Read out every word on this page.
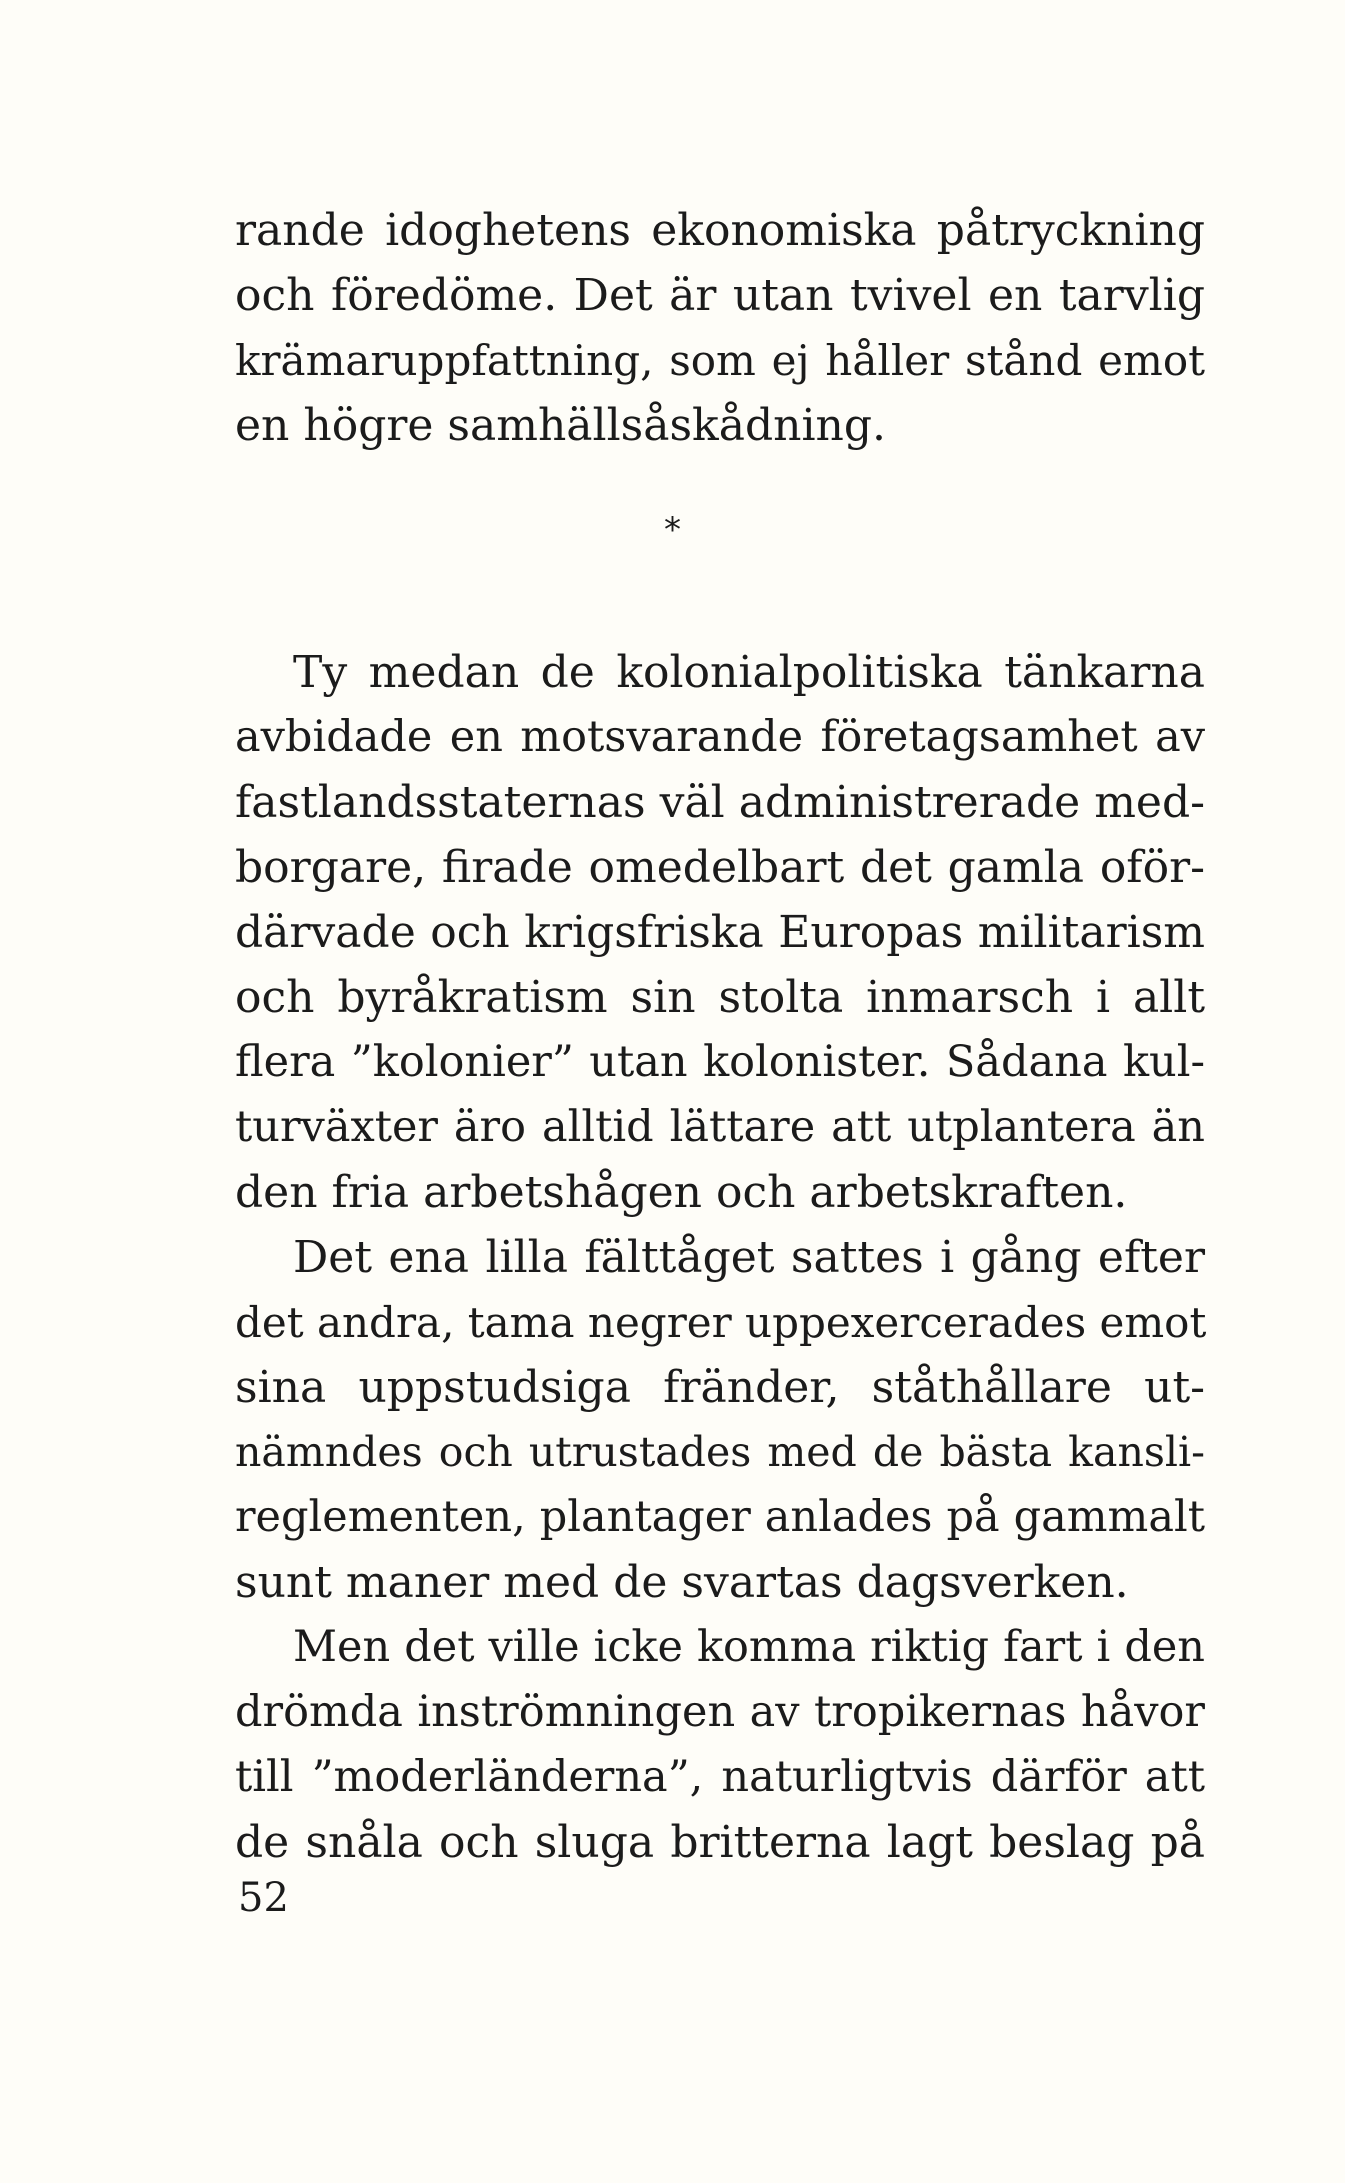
rande idoghetens ekonomiska påtryckning
och föredöme. Det är utan tvivel en tarvlig
krämaruppfattning, som ej håller stånd emot
en högre samhällsåskådning.
*
Ty medan de kolonialpolitiska tänkarna
avbidade en motsvarande företagsamhet av
fastlandsstaternas väl administrerade med-
borgare, firade omedelbart det gamla oför-
därvade och krigsfriska Europas militarism
och byråkratism sin stolta inmarsch i allt
flera ”kolonier” utan kolonister. Sådana kul-
turväxter äro alltid lättare att utplantera än
den fria arbetshågen och arbetskraften.
Det ena lilla fälttåget sattes i gång efter
det andra, tama negrer uppexercerades emot
sina uppstudsiga fränder, ståthållare ut-
nämndes och utrustades med de bästa kansli-
reglementen, plantager anlades på gammalt
sunt maner med de svartas dagsverken.
Men det ville icke komma riktig fart i den
drömda inströmningen av tropikernas håvor
till ”moderländerna”, naturligtvis därför att
de snåla och sluga britterna lagt beslag på
52
